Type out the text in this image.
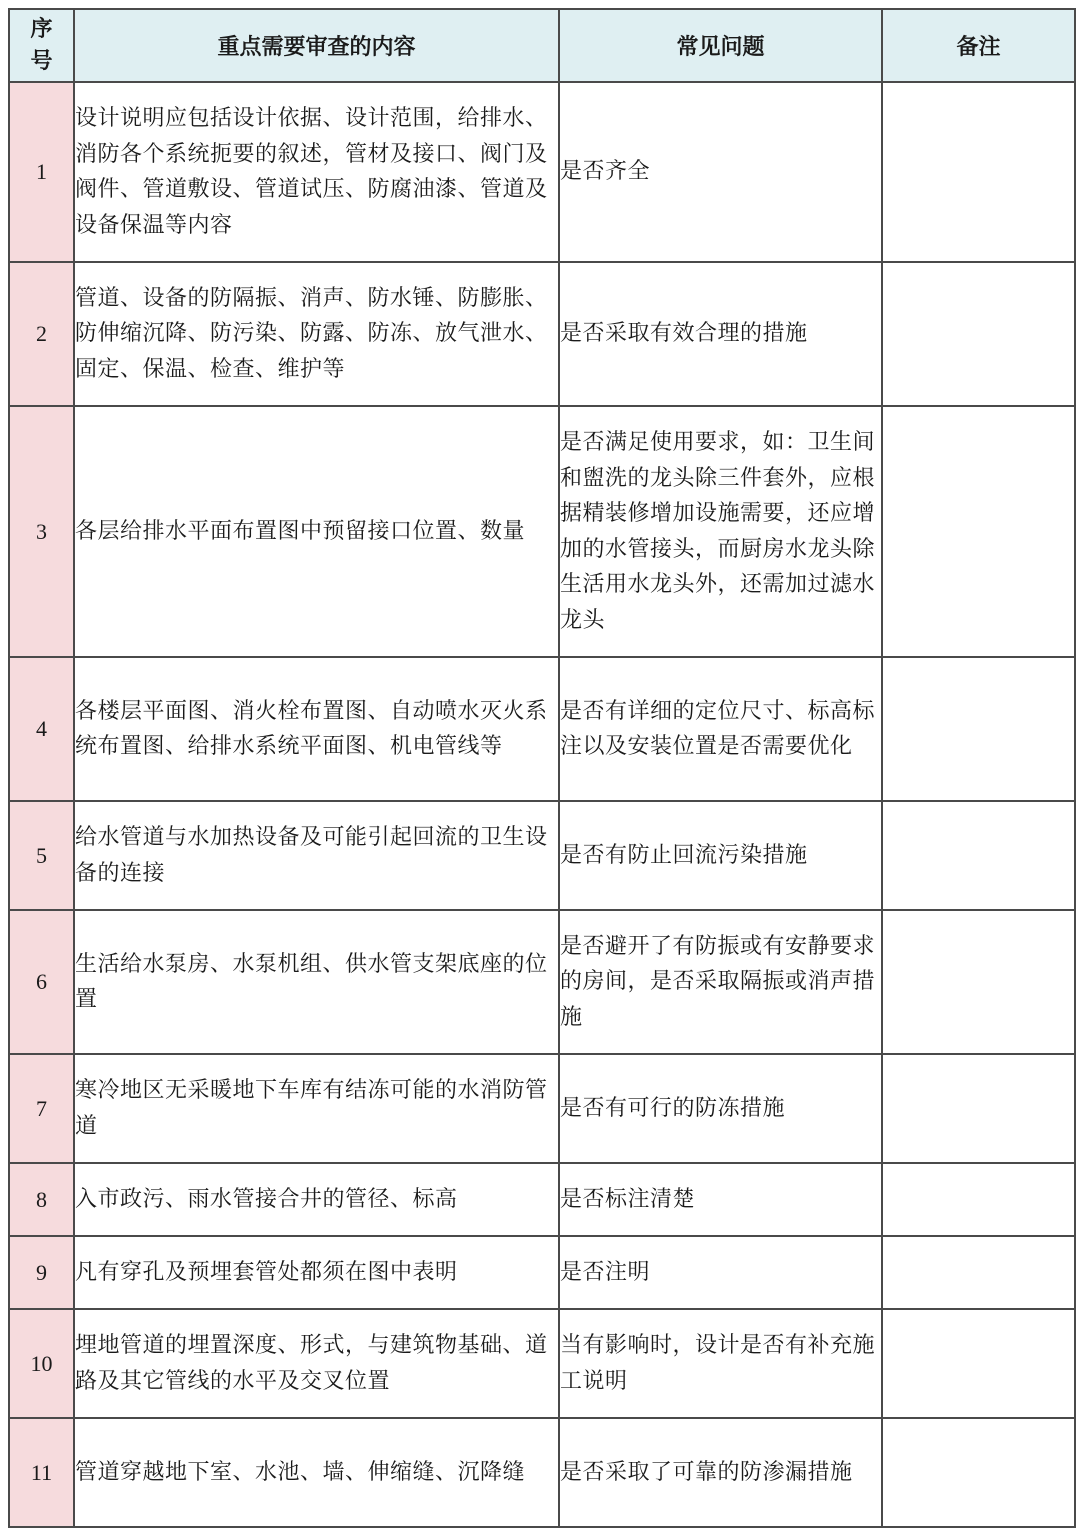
序号	重点需要审查的内容	常见问题	备注
1	设计说明应包括设计依据、设计范围，给排水、消防各个系统扼要的叙述，管材及接口、阀门及阀件、管道敷设、管道试压、防腐油漆、管道及设备保温等内容	是否齐全	
2	管道、设备的防隔振、消声、防水锤、防膨胀、防伸缩沉降、防污染、防露、防冻、放气泄水、固定、保温、检查、维护等	是否采取有效合理的措施	
3	各层给排水平面布置图中预留接口位置、数量	是否满足使用要求，如：卫生间和盥洗的龙头除三件套外，应根据精装修增加设施需要，还应增加的水管接头，而厨房水龙头除生活用水龙头外，还需加过滤水龙头	
4	各楼层平面图、消火栓布置图、自动喷水灭火系统布置图、给排水系统平面图、机电管线等	是否有详细的定位尺寸、标高标注以及安装位置是否需要优化	
5	给水管道与水加热设备及可能引起回流的卫生设备的连接	是否有防止回流污染措施	
6	生活给水泵房、水泵机组、供水管支架底座的位置	是否避开了有防振或有安静要求的房间，是否采取隔振或消声措施	
7	寒冷地区无采暖地下车库有结冻可能的水消防管道	是否有可行的防冻措施	
8	入市政污、雨水管接合井的管径、标高	是否标注清楚	
9	凡有穿孔及预埋套管处都须在图中表明	是否注明	
10	埋地管道的埋置深度、形式，与建筑物基础、道路及其它管线的水平及交叉位置	当有影响时，设计是否有补充施工说明	
11	管道穿越地下室、水池、墙、伸缩缝、沉降缝	是否采取了可靠的防渗漏措施	
